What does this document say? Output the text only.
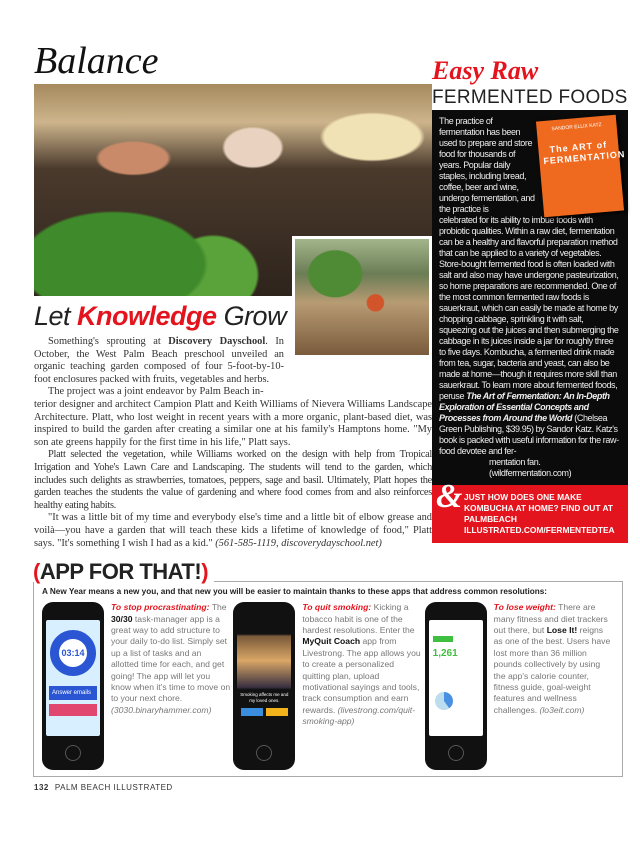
Balance
Let Knowledge Grow

Something's sprouting at Discovery Dayschool. In October, the West Palm Beach preschool unveiled an organic teaching garden composed of four 5-foot-by-10-foot enclosures packed with fruits, vegetables and herbs.

The project was a joint endeavor by Palm Beach in-

terior designer and architect Campion Platt and Keith Williams of Nievera Williams Landscape Architecture. Platt, who lost weight in recent years with a more organic, plant-based diet, was inspired to build the garden after creating a similar one at his family's Hamptons home. "My son ate greens happily for the first time in his life," Platt says.

Platt selected the vegetation, while Williams worked on the design with help from Tropical Irrigation and Yohe's Lawn Care and Landscaping. The students will tend to the garden, which includes such delights as strawberries, tomatoes, peppers, sage and basil. Ultimately, Platt hopes the garden teaches the students the value of gardening and where food comes from and also reinforces healthy eating habits.

"It was a little bit of my time and everybody else's time and a little bit of elbow grease and voilà—you have a garden that will teach these kids a lifetime of knowledge of food," Platt says. "It's something I wish I had as a kid." (561-585-1119, discoverydayschool.net)

Easy Raw
FERMENTED FOODS
SANDOR ELLIX KATZ
The ART of FERMENTATION
The practice of fermentation has been used to prepare and store food for thousands of years. Popular daily staples, including bread, coffee, beer and wine, undergo fermentation, and the practice is
celebrated for its ability to imbue foods with probiotic qualities. Within a raw diet, fermentation can be a healthy and flavorful preparation method that can be applied to a variety of vegetables. Store-bought fermented food is often loaded with salt and also may have undergone pasteurization, so home preparations are recommended. One of the most common fermented raw foods is sauerkraut, which can easily be made at home by chopping cabbage, sprinkling it with salt, squeezing out the juices and then submerging the cabbage in its juices inside a jar for roughly three to five days. Kombucha, a fermented drink made from tea, sugar, bacteria and yeast, can also be made at home—though it requires more skill than sauerkraut. To learn more about fermented foods, peruse The Art of Fermentation: An In-Depth Exploration of Essential Concepts and Processes from Around the World (Chelsea Green Publishing, $39.95) by Sandor Katz. Katz's book is packed with useful information for the raw-food devotee and fer-
mentation fan. (wildfermentation.com)
& JUST HOW DOES ONE MAKE KOMBUCHA AT HOME? FIND OUT AT PALMBEACH ILLUSTRATED.COM/FERMENTEDTEA
(APP FOR THAT!)
A New Year means a new you, and that new you will be easier to maintain thanks to these apps that address common resolutions:
03:14
Answer emails
To stop procrastinating: The 30/30 task-manager app is a great way to add structure to your daily to-do list. Simply set up a list of tasks and an allotted time for each, and get going! The app will let you know when it's time to move on to your next chore. (3030.binaryhammer.com)
Smoking affects me and my loved ones.
To quit smoking: Kicking a tobacco habit is one of the hardest resolutions. Enter the MyQuit Coach app from Livestrong. The app allows you to create a personalized quitting plan, upload motivational sayings and tools, track consumption and earn rewards. (livestrong.com/quit-smoking-app)
1,261
To lose weight: There are many fitness and diet trackers out there, but Lose It! reigns as one of the best. Users have lost more than 36 million pounds collectively by using the app's calorie counter, fitness guide, goal-weight features and wellness challenges. (lo3eit.com)
132 PALM BEACH ILLUSTRATED
